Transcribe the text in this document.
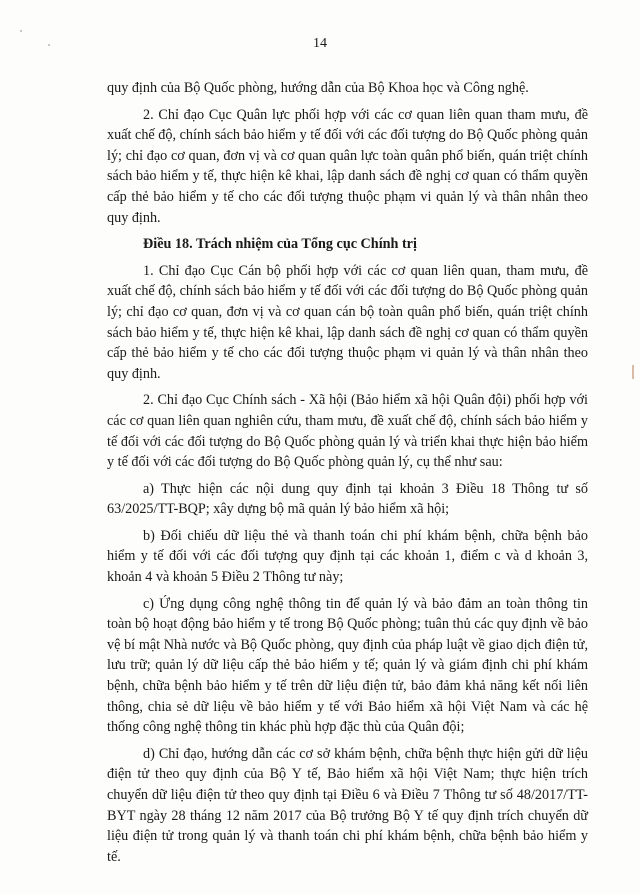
14

quy định của Bộ Quốc phòng, hướng dẫn của Bộ Khoa học và Công nghệ.

2. Chỉ đạo Cục Quân lực phối hợp với các cơ quan liên quan tham mưu, đề xuất chế độ, chính sách bảo hiểm y tế đối với các đối tượng do Bộ Quốc phòng quản lý; chỉ đạo cơ quan, đơn vị và cơ quan quân lực toàn quân phổ biến, quán triệt chính sách bảo hiểm y tế, thực hiện kê khai, lập danh sách đề nghị cơ quan có thẩm quyền cấp thẻ bảo hiểm y tế cho các đối tượng thuộc phạm vi quản lý và thân nhân theo quy định.

Điều 18. Trách nhiệm của Tổng cục Chính trị

1. Chỉ đạo Cục Cán bộ phối hợp với các cơ quan liên quan, tham mưu, đề xuất chế độ, chính sách bảo hiểm y tế đối với các đối tượng do Bộ Quốc phòng quản lý; chỉ đạo cơ quan, đơn vị và cơ quan cán bộ toàn quân phổ biến, quán triệt chính sách bảo hiểm y tế, thực hiện kê khai, lập danh sách đề nghị cơ quan có thẩm quyền cấp thẻ bảo hiểm y tế cho các đối tượng thuộc phạm vi quản lý và thân nhân theo quy định.

2. Chỉ đạo Cục Chính sách - Xã hội (Bảo hiểm xã hội Quân đội) phối hợp với các cơ quan liên quan nghiên cứu, tham mưu, đề xuất chế độ, chính sách bảo hiểm y tế đối với các đối tượng do Bộ Quốc phòng quản lý và triển khai thực hiện bảo hiểm y tế đối với các đối tượng do Bộ Quốc phòng quản lý, cụ thể như sau:

a) Thực hiện các nội dung quy định tại khoản 3 Điều 18 Thông tư số 63/2025/TT-BQP; xây dựng bộ mã quản lý bảo hiểm xã hội;

b) Đối chiếu dữ liệu thẻ và thanh toán chi phí khám bệnh, chữa bệnh bảo hiểm y tế đối với các đối tượng quy định tại các khoản 1, điểm c và d khoản 3, khoản 4 và khoản 5 Điều 2 Thông tư này;

c) Ứng dụng công nghệ thông tin để quản lý và bảo đảm an toàn thông tin toàn bộ hoạt động bảo hiểm y tế trong Bộ Quốc phòng; tuân thủ các quy định về bảo vệ bí mật Nhà nước và Bộ Quốc phòng, quy định của pháp luật về giao dịch điện tử, lưu trữ; quản lý dữ liệu cấp thẻ bảo hiểm y tế; quản lý và giám định chi phí khám bệnh, chữa bệnh bảo hiểm y tế trên dữ liệu điện tử, bảo đảm khả năng kết nối liên thông, chia sẻ dữ liệu về bảo hiểm y tế với Bảo hiểm xã hội Việt Nam và các hệ thống công nghệ thông tin khác phù hợp đặc thù của Quân đội;

d) Chỉ đạo, hướng dẫn các cơ sở khám bệnh, chữa bệnh thực hiện gửi dữ liệu điện tử theo quy định của Bộ Y tế, Bảo hiểm xã hội Việt Nam; thực hiện trích chuyển dữ liệu điện tử theo quy định tại Điều 6 và Điều 7 Thông tư số 48/2017/TT-BYT ngày 28 tháng 12 năm 2017 của Bộ trưởng Bộ Y tế quy định trích chuyển dữ liệu điện tử trong quản lý và thanh toán chi phí khám bệnh, chữa bệnh bảo hiểm y tế.
